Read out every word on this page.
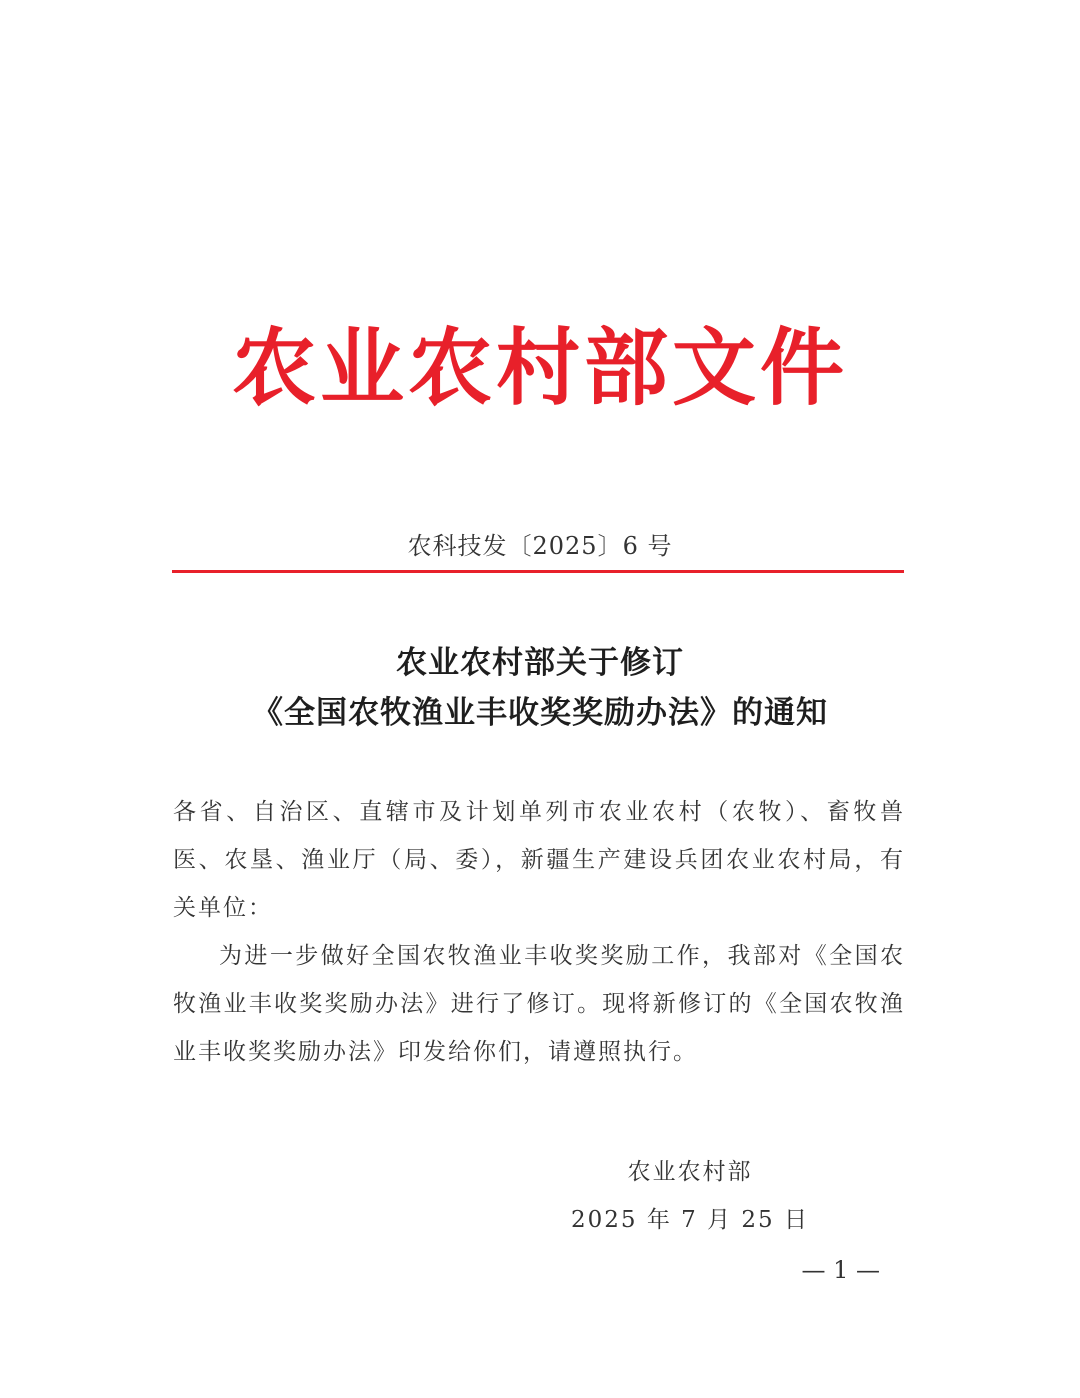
农业农村部文件
农科技发〔2025〕6 号
农业农村部关于修订
《全国农牧渔业丰收奖奖励办法》的通知

各省、自治区、直辖市及计划单列市农业农村（农牧）、畜牧兽医、农垦、渔业厅（局、委），新疆生产建设兵团农业农村局，有关单位：

为进一步做好全国农牧渔业丰收奖奖励工作，我部对《全国农牧渔业丰收奖奖励办法》进行了修订。现将新修订的《全国农牧渔业丰收奖奖励办法》印发给你们，请遵照执行。

农业农村部
2025 年 7 月 25 日
— 1 —
